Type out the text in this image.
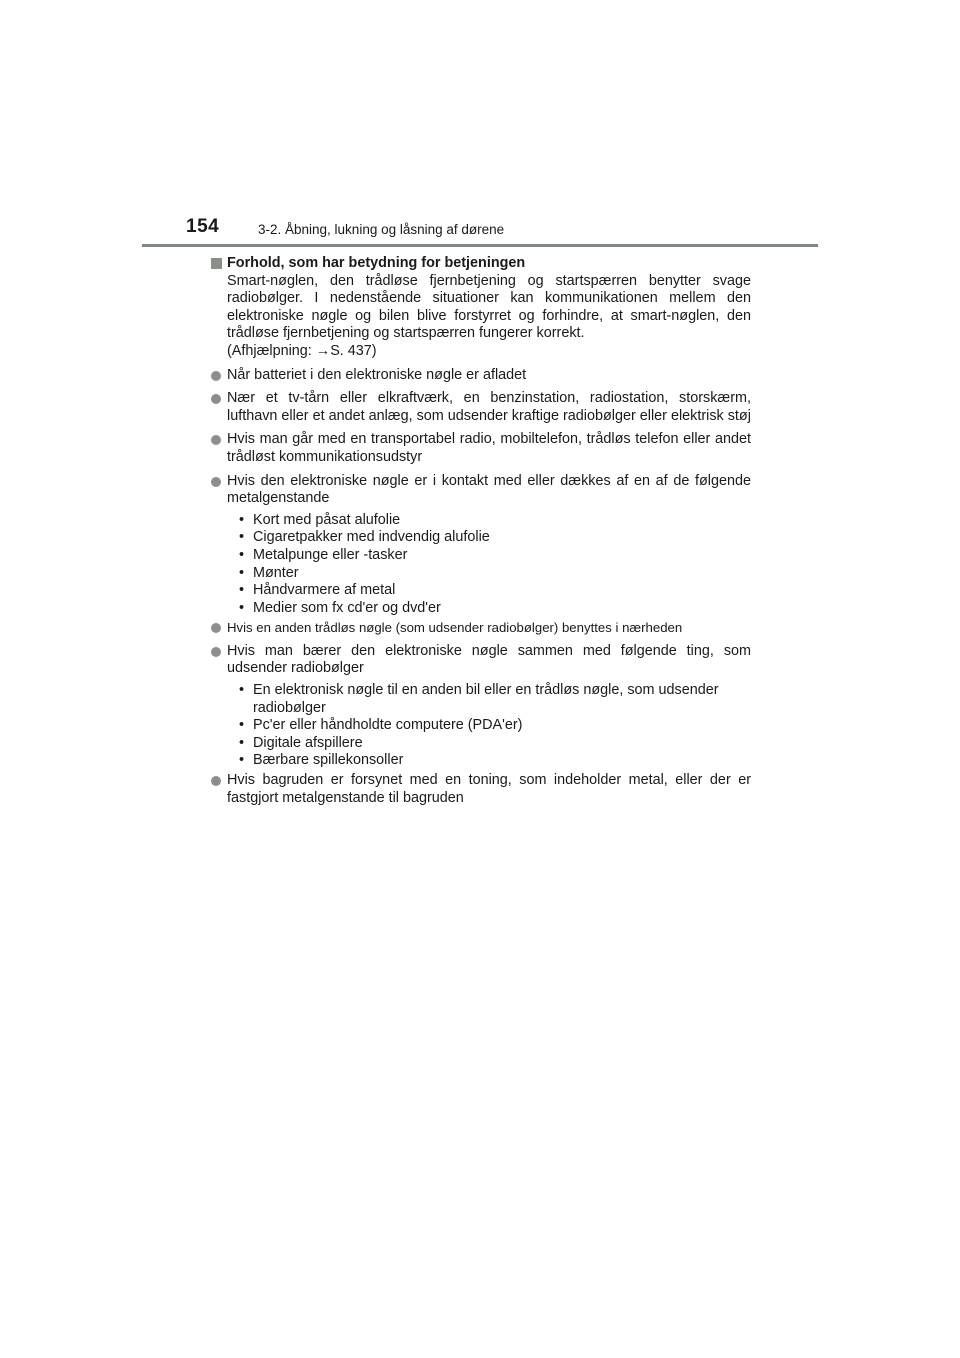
154	3-2. Åbning, lukning og låsning af dørene
Forhold, som har betydning for betjeningen
Smart-nøglen, den trådløse fjernbetjening og startspærren benytter svage radiobølger. I nedenstående situationer kan kommunikationen mellem den elektroniske nøgle og bilen blive forstyrret og forhindre, at smart-nøglen, den trådløse fjernbetjening og startspærren fungerer korrekt.
(Afhjælpning: →S. 437)
Når batteriet i den elektroniske nøgle er afladet
Nær et tv-tårn eller elkraftværk, en benzinstation, radiostation, storskærm, lufthavn eller et andet anlæg, som udsender kraftige radiobølger eller elektrisk støj
Hvis man går med en transportabel radio, mobiltelefon, trådløs telefon eller andet trådløst kommunikationsudstyr
Hvis den elektroniske nøgle er i kontakt med eller dækkes af en af de følgende metalgenstande
• Kort med påsat alufolie
• Cigaretpakker med indvendig alufolie
• Metalpunge eller -tasker
• Mønter
• Håndvarmere af metal
• Medier som fx cd'er og dvd'er
Hvis en anden trådløs nøgle (som udsender radiobølger) benyttes i nærheden
Hvis man bærer den elektroniske nøgle sammen med følgende ting, som udsender radiobølger
• En elektronisk nøgle til en anden bil eller en trådløs nøgle, som udsender radiobølger
• Pc'er eller håndholdte computere (PDA'er)
• Digitale afspillere
• Bærbare spillekonsoller
Hvis bagruden er forsynet med en toning, som indeholder metal, eller der er fastgjort metalgenstande til bagruden
